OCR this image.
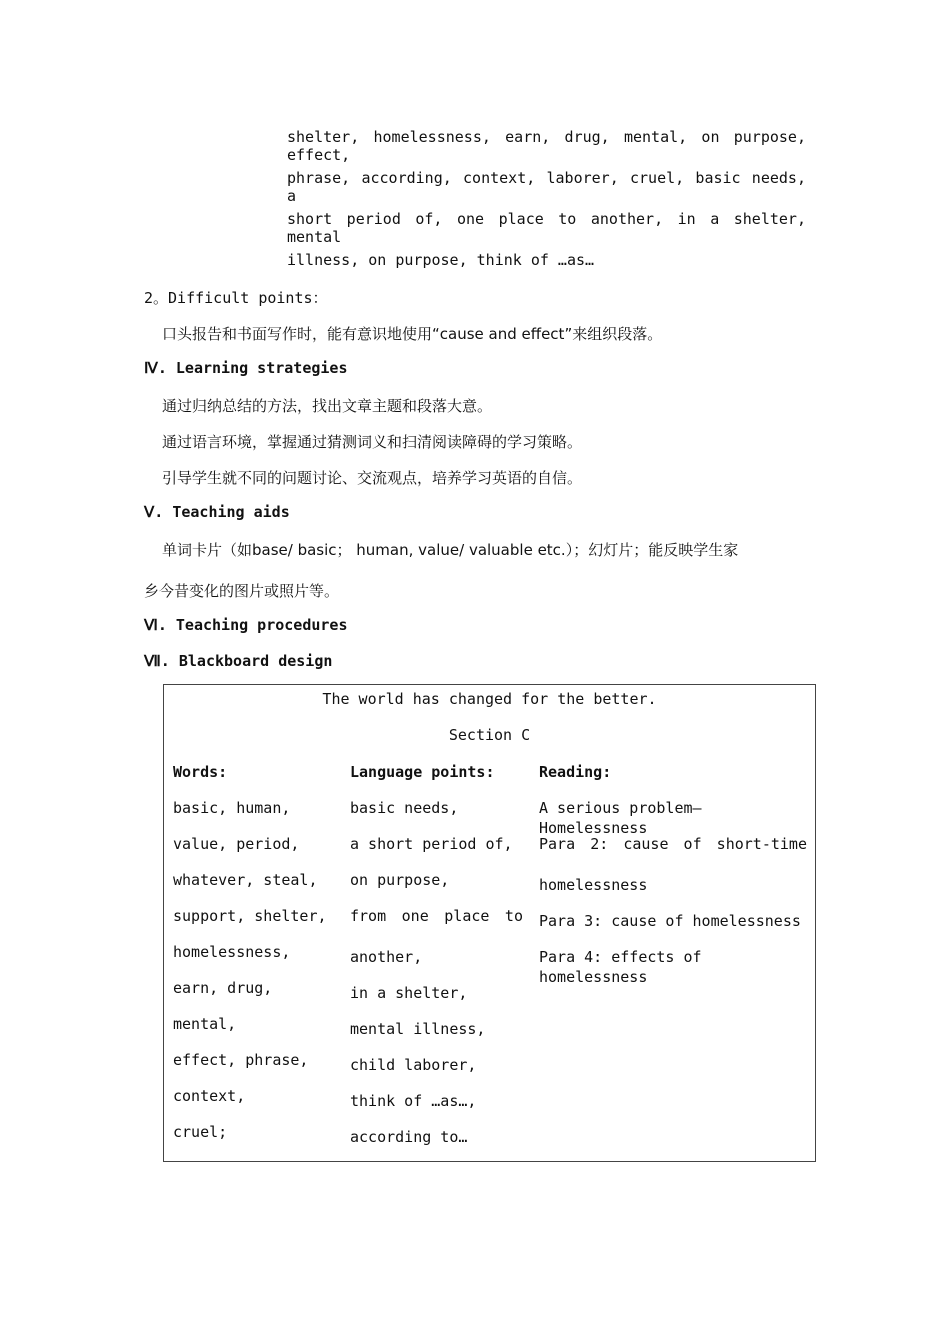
shelter, homelessness, earn, drug, mental, on purpose, effect,
phrase, according, context, laborer, cruel, basic needs, a
short period of, one place to another, in a shelter, mental
illness, on purpose, think of …as…
2。Difficult points：
口头报告和书面写作时，能有意识地使用“cause and effect”来组织段落。
Ⅳ. Learning strategies
通过归纳总结的方法，找出文章主题和段落大意。
通过语言环境，掌握通过猜测词义和扫清阅读障碍的学习策略。
引导学生就不同的问题讨论、交流观点，培养学习英语的自信。
Ⅴ. Teaching aids
单词卡片（如base/ basic； human, value/ valuable etc.）；幻灯片；能反映学生家
乡今昔变化的图片或照片等。
Ⅵ. Teaching procedures
Ⅶ. Blackboard design
The world has changed for the better.
Section C
Words:
basic, human,
value, period,
whatever, steal,
support, shelter,
homelessness,
earn, drug,
mental,
effect, phrase,
context,
cruel;
Language points:
basic needs,
a short period of,
on purpose,
from one place to
another,
in a shelter,
mental illness,
child laborer,
think of …as…,
according to…
Reading:
A serious problem—Homelessness
Para 2: cause of short-time
homelessness
Para 3: cause of homelessness
Para 4: effects of homelessness
